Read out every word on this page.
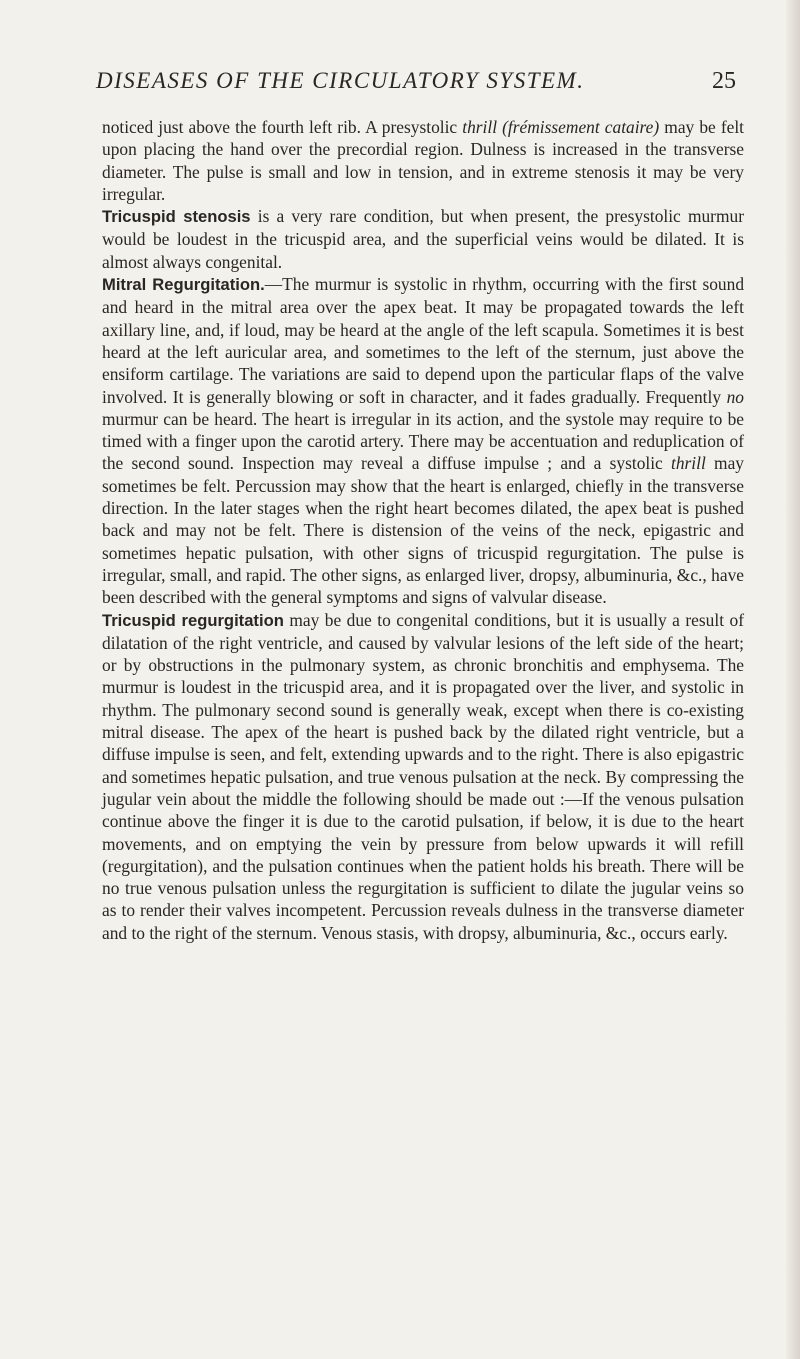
DISEASES OF THE CIRCULATORY SYSTEM.	25

noticed just above the fourth left rib. A presystolic thrill (frémissement cataire) may be felt upon placing the hand over the precordial region. Dulness is increased in the transverse diameter. The pulse is small and low in tension, and in extreme stenosis it may be very irregular.

Tricuspid stenosis is a very rare condition, but when present, the presystolic murmur would be loudest in the tricuspid area, and the superficial veins would be dilated. It is almost always congenital.

Mitral Regurgitation.—The murmur is systolic in rhythm, occurring with the first sound and heard in the mitral area over the apex beat. It may be propagated towards the left axillary line, and, if loud, may be heard at the angle of the left scapula. Sometimes it is best heard at the left auricular area, and sometimes to the left of the sternum, just above the ensiform cartilage. The variations are said to depend upon the particular flaps of the valve involved. It is generally blowing or soft in character, and it fades gradually. Frequently no murmur can be heard. The heart is irregular in its action, and the systole may require to be timed with a finger upon the carotid artery. There may be accentuation and reduplication of the second sound. Inspection may reveal a diffuse impulse ; and a systolic thrill may sometimes be felt. Percussion may show that the heart is enlarged, chiefly in the transverse direction. In the later stages when the right heart becomes dilated, the apex beat is pushed back and may not be felt. There is distension of the veins of the neck, epigastric and sometimes hepatic pulsation, with other signs of tricuspid regurgitation. The pulse is irregular, small, and rapid. The other signs, as enlarged liver, dropsy, albuminuria, &c., have been described with the general symptoms and signs of valvular disease.

Tricuspid regurgitation may be due to congenital conditions, but it is usually a result of dilatation of the right ventricle, and caused by valvular lesions of the left side of the heart; or by obstructions in the pulmonary system, as chronic bronchitis and emphysema. The murmur is loudest in the tricuspid area, and it is propagated over the liver, and systolic in rhythm. The pulmonary second sound is generally weak, except when there is co-existing mitral disease. The apex of the heart is pushed back by the dilated right ventricle, but a diffuse impulse is seen, and felt, extending upwards and to the right. There is also epigastric and sometimes hepatic pulsation, and true venous pulsation at the neck. By compressing the jugular vein about the middle the following should be made out :—If the venous pulsation continue above the finger it is due to the carotid pulsation, if below, it is due to the heart movements, and on emptying the vein by pressure from below upwards it will refill (regurgitation), and the pulsation continues when the patient holds his breath. There will be no true venous pulsation unless the regurgitation is sufficient to dilate the jugular veins so as to render their valves incompetent. Percussion reveals dulness in the transverse diameter and to the right of the sternum. Venous stasis, with dropsy, albuminuria, &c., occurs early.
